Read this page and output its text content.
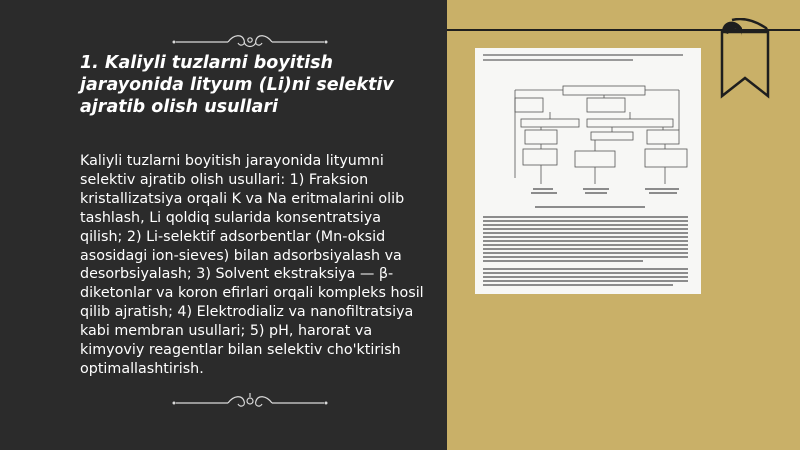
1. Kaliyli tuzlarni boyitish jarayonida lityum (Li)ni selektiv ajratib olish usullari

Kaliyli tuzlarni boyitish jarayonida lityumni selektiv ajratib olish usullari: 1) Fraksion kristallizatsiya orqali K va Na eritmalarini olib tashlash, Li qoldiq sularida konsentratsiya qilish; 2) Li-selektif adsorbentlar (Mn-oksid asosidagi ion-sieves) bilan adsorbsiyalash va desorbsiyalash; 3) Solvent ekstraksiya — β-diketonlar va koron efirlari orqali kompleks hosil qilib ajratish; 4) Elektrodializ va nanofiltratsiya kabi membran usullari; 5) pH, harorat va kimyoviy reagentlar bilan selektiv cho'ktirish optimallashtirish.
